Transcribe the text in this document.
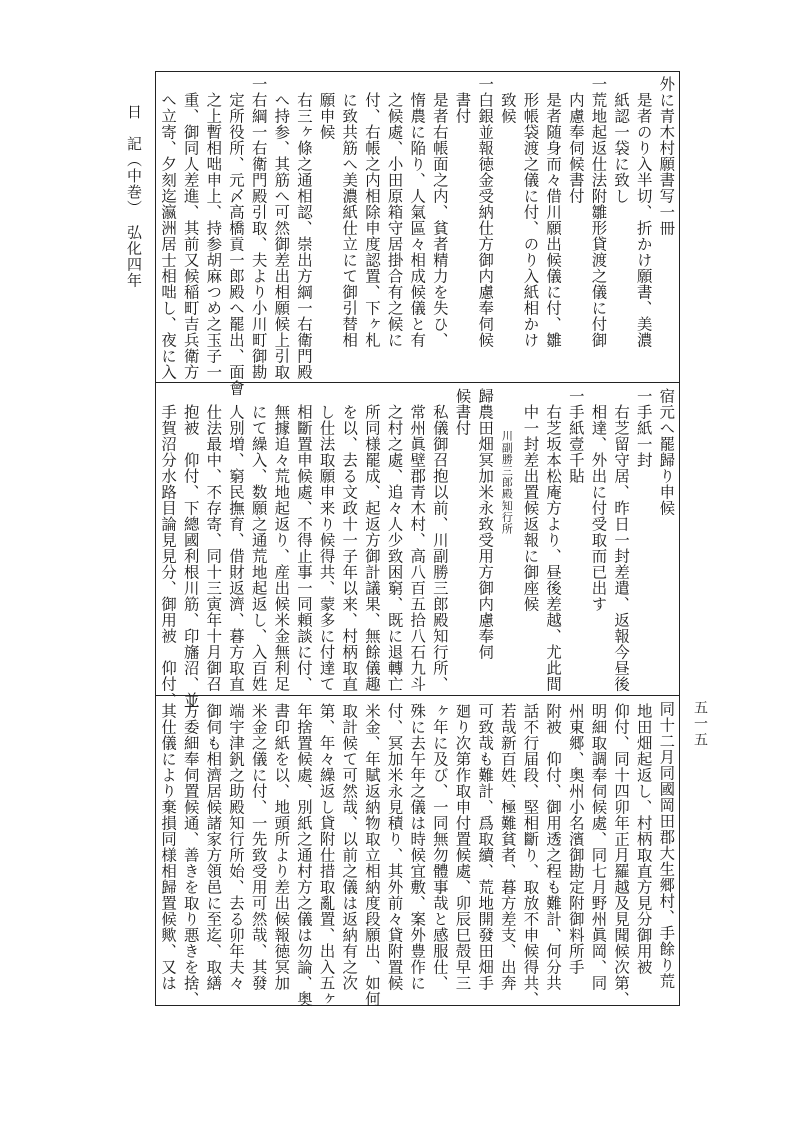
日　記（中巻）　弘化四年	外に青木村願書写一冊
是者のり入半切、折かけ願書、美濃
紙認一袋に致し
一荒地起返仕法附雛形貸渡之儀に付御
内慮奉伺候書付
是者随身而々借川願出候儀に付、雛
形帳袋渡之儀に付、のり入紙相かけ
致候
一白銀並報徳金受納仕方御内慮奉伺候
書付
是者右帳面之内、貧者精力を失ひ、
惰農に陥り、人氣區々相成候儀と有
之候處、小田原箱守居掛合有之候に
付、右帳之内相除申度認置、下ヶ札
に致共筋へ美濃紙仕立にて御引替相
願申候
右三ヶ條之通相認、崇出方綱一右衛門殿
へ持参、其筋へ可然御差出相願候上引取
一右綱一右衛門殿引取、夫より小川町御勘
定所役所、元〆高橋貢一郎殿へ罷出、面會
之上暫相咄申上、持参胡麻つめ之玉子一
重、御同人差進、其前又候稲町吉兵衛方
へ立寄、夕刻迄瀛洲居士相咄し、夜に入
宿元へ罷歸り申候
一手紙一封
右芝留守居、昨日一封差遣、返報今昼後
相達、外出に付受取而已出す
一手紙壹千貼
右芝坂本松庵方より、昼後差越、尤此間
中一封差出置候返報に御座候
川副勝三郎殿知行所
歸農田畑冥加米永致受用方御内慮奉伺
候書付
私儀御召抱以前、川副勝三郎殿知行所、
常州眞壁郡青木村、高八百五拾八石九斗
之村之處、追々人少致困窮、既に退轉亡
所同様罷成、起返方御計議果、無餘儀趣
を以、去る文政十一子年以来、村柄取直
し仕法取願申来り候得共、蒙多に付達て
相斷置申候處、不得止事一同頼談に付、
無據追々荒地起返り、産出候米金無利足
にて繰入、数願之通荒地起返し、入百姓
人別増、窮民撫育、借財返濟、暮方取直
仕法最中、不存寄、同十三寅年十月御召
抱被　仰付、下總國利根川筋、印旛沼、並
手賀沼分水路目論見見分、御用被　仰付、
同十二月同國岡田郡大生郷村、手餘り荒
地田畑起返し、村柄取直方見分御用被
仰付、同十四卯年正月羅越及見聞候次第、
明細取調奉伺候處、同七月野州眞岡、同
州東郷、奥州小名濱御勘定附御料所手
附被　仰付、御用透之程も難計、何分共
話不行届段、堅相斷り、取放不申候得共、
若哉新百姓、極難貧者、暮方差支、出奔
可致哉も難計、爲取續、荒地開發田畑手
廻り次第作取申付置候處、卯辰巳殻早三
ヶ年に及び、一同無勿體事哉と感服仕、
殊に去午年之儀は時候宜敷、案外豊作に
付、冥加米永見積り、其外前々貸附置候
米金、年賦返納物取立相納度段願出、如何
取計候て可然哉、以前之儀は返納有之次
第、年々繰返し貸附仕措取亂置、出入五ヶ
年捨置候處、別紙之通村方之儀は勿論、奥
書印紙を以、地頭所より差出候報徳冥加
米金之儀に付、一先致受用可然哉、其發
端宇津釩之助殿知行所始、去る卯年夫々
御伺も相濟居候諸家方領邑に至迄、取繕
方委細奉伺置候通、善きを取り悪きを捨、
其仕儀により棄損同様相歸置候歟、又は	五一五
